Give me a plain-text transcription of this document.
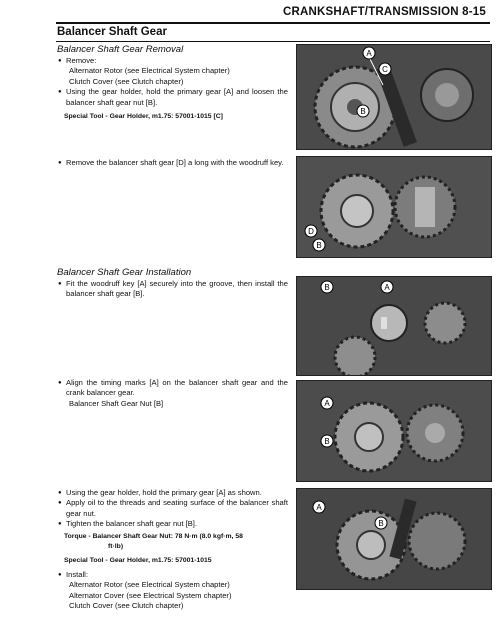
CRANKSHAFT/TRANSMISSION 8-15
Balancer Shaft Gear
Balancer Shaft Gear Removal
● Remove:
Alternator Rotor (see Electrical System chapter)
Clutch Cover (see Clutch chapter)
● Using the gear holder, hold the primary gear [A] and loosen the balancer shaft gear nut [B].
Special Tool - Gear Holder, m1.75: 57001-1015 [C]
● Remove the balancer shaft gear [D] a long with the woodruff key.
Balancer Shaft Gear Installation
● Fit the woodruff key [A] securely into the groove, then install the balancer shaft gear [B].
● Align the timing marks [A] on the balancer shaft gear and the crank balancer gear.
Balancer Shaft Gear Nut [B]
● Using the gear holder, hold the primary gear [A] as shown.
● Apply oil to the threads and seating surface of the balancer shaft gear nut.
● Tighten the balancer shaft gear nut [B].
Torque - Balancer Shaft Gear Nut: 78 N·m (8.0 kgf·m, 58
ft·lb)
Special Tool - Gear Holder, m1.75: 57001-1015
● Install:
Alternator Rotor (see Electrical System chapter)
Alternator Cover (see Electrical System chapter)
Clutch Cover (see Clutch chapter)
A
C
B
D
B
B	A
A
B
A
B
